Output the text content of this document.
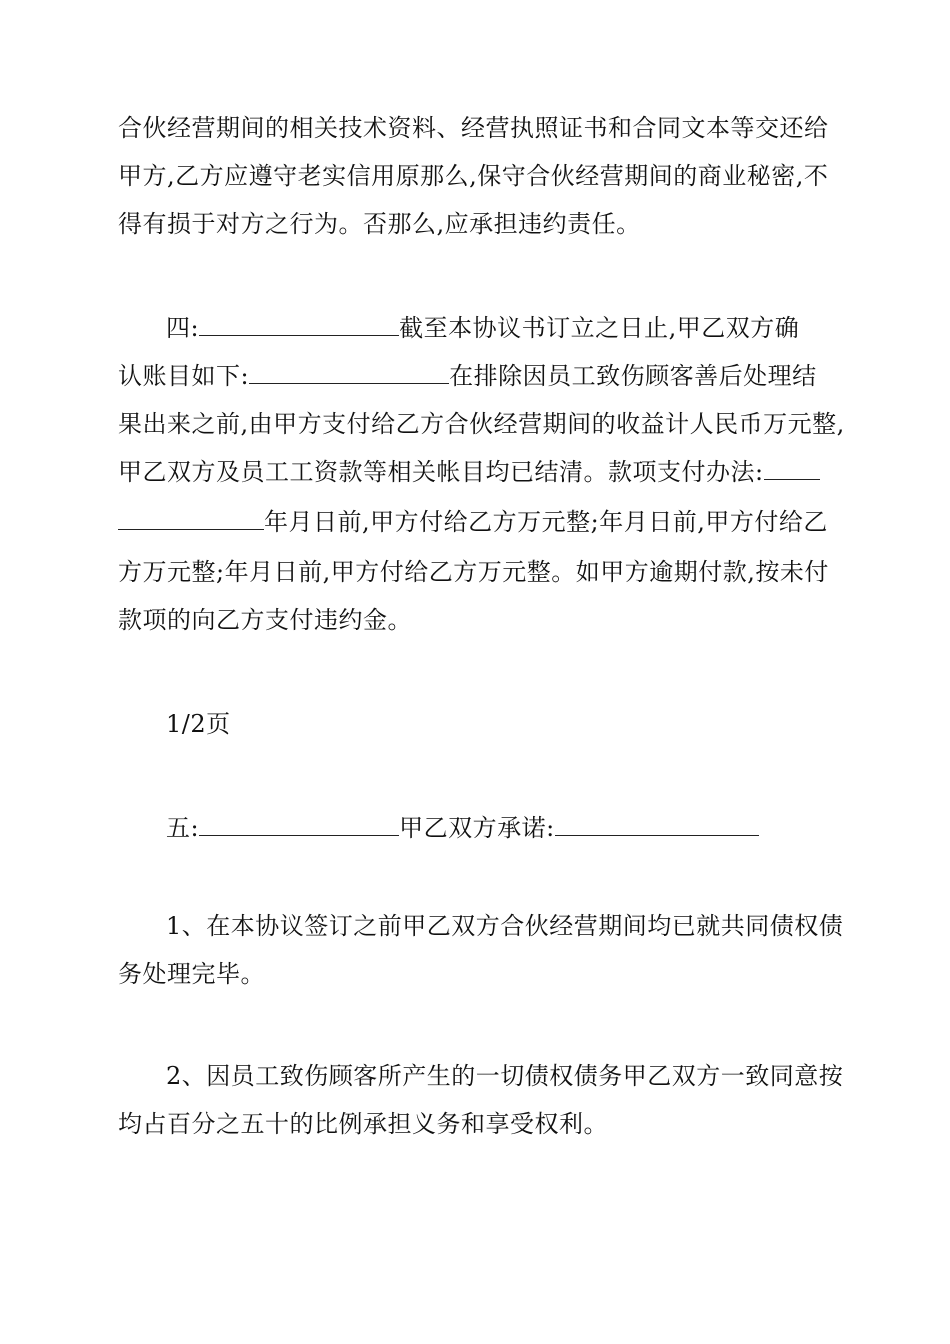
合伙经营期间的相关技术资料、经营执照证书和合同文本等交还给
甲方,乙方应遵守老实信用原那么,保守合伙经营期间的商业秘密,不
得有损于对方之行为。否那么,应承担违约责任。
四:	截至本协议书订立之日止,甲乙双方确
认账目如下:	在排除因员工致伤顾客善后处理结
果出来之前,由甲方支付给乙方合伙经营期间的收益计人民币万元整,
甲乙双方及员工工资款等相关帐目均已结清。款项支付办法:
年月日前,甲方付给乙方万元整;年月日前,甲方付给乙
方万元整;年月日前,甲方付给乙方万元整。如甲方逾期付款,按未付
款项的向乙方支付违约金。
1/2页
五:	甲乙双方承诺:
1、在本协议签订之前甲乙双方合伙经营期间均已就共同债权债
务处理完毕。
2、因员工致伤顾客所产生的一切债权债务甲乙双方一致同意按
均占百分之五十的比例承担义务和享受权利。
